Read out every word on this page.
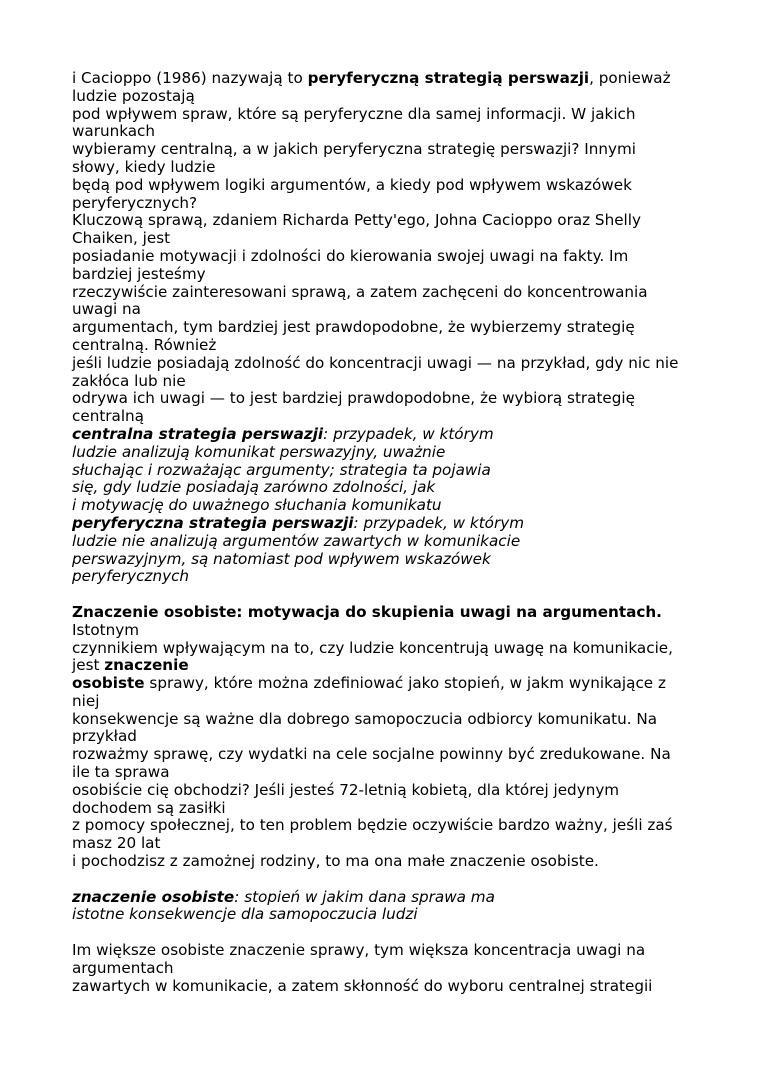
i Cacioppo (1986) nazywają to peryferyczną strategią perswazji, ponieważ
ludzie pozostają
pod wpływem spraw, które są peryferyczne dla samej informacji. W jakich
warunkach
wybieramy centralną, a w jakich peryferyczna strategię perswazji? Innymi
słowy, kiedy ludzie
będą pod wpływem logiki argumentów, a kiedy pod wpływem wskazówek
peryferycznych?
Kluczową sprawą, zdaniem Richarda Petty'ego, Johna Cacioppo oraz Shelly
Chaiken, jest
posiadanie motywacji i zdolności do kierowania swojej uwagi na fakty. Im
bardziej jesteśmy
rzeczywiście zainteresowani sprawą, a zatem zachęceni do koncentrowania
uwagi na
argumentach, tym bardziej jest prawdopodobne, że wybierzemy strategię
centralną. Również
jeśli ludzie posiadają zdolność do koncentracji uwagi — na przykład, gdy nic nie
zakłóca lub nie
odrywa ich uwagi — to jest bardziej prawdopodobne, że wybiorą strategię
centralną
centralna strategia perswazji: przypadek, w którym
ludzie analizują komunikat perswazyjny, uważnie
słuchając i rozważając argumenty; strategia ta pojawia
się, gdy ludzie posiadają zarówno zdolności, jak
i motywację do uważnego słuchania komunikatu
peryferyczna strategia perswazji: przypadek, w którym
ludzie nie analizują argumentów zawartych w komunikacie
perswazyjnym, są natomiast pod wpływem wskazówek
peryferycznych
Znaczenie osobiste: motywacja do skupienia uwagi na argumentach.
Istotnym
czynnikiem wpływającym na to, czy ludzie koncentrują uwagę na komunikacie,
jest znaczenie
osobiste sprawy, które można zdefiniować jako stopień, w jakm wynikające z
niej
konsekwencje są ważne dla dobrego samopoczucia odbiorcy komunikatu. Na
przykład
rozważmy sprawę, czy wydatki na cele socjalne powinny być zredukowane. Na
ile ta sprawa
osobiście cię obchodzi? Jeśli jesteś 72-letnią kobietą, dla której jedynym
dochodem są zasiłki
z pomocy społecznej, to ten problem będzie oczywiście bardzo ważny, jeśli zaś
masz 20 lat
i pochodzisz z zamożnej rodziny, to ma ona małe znaczenie osobiste.
znaczenie osobiste: stopień w jakim dana sprawa ma
istotne konsekwencje dla samopoczucia ludzi
Im większe osobiste znaczenie sprawy, tym większa koncentracja uwagi na
argumentach
zawartych w komunikacie, a zatem skłonność do wyboru centralnej strategii
